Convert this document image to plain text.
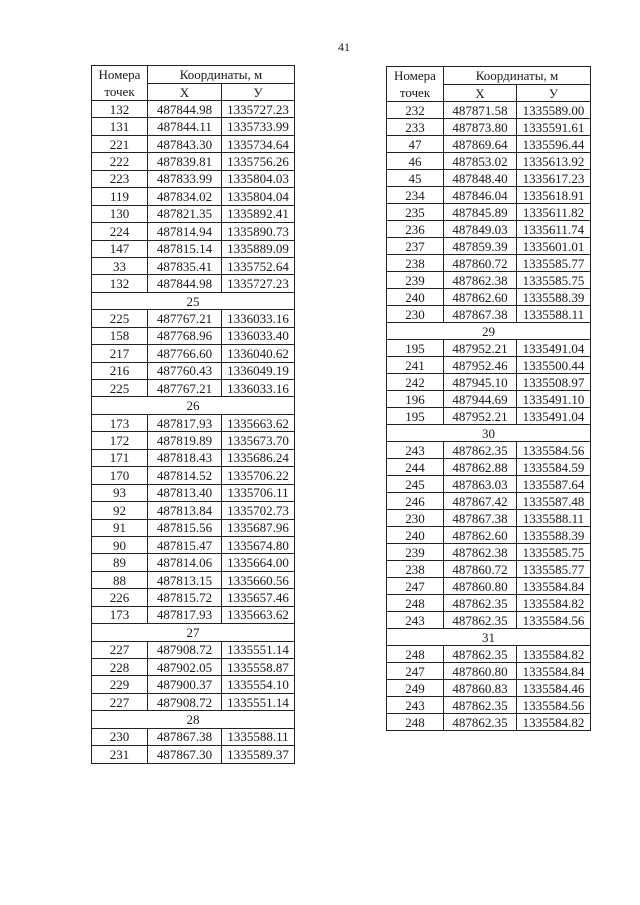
41
Номера
точек	Координаты, м	
	Х	У
132	487844.98	1335727.23
131	487844.11	1335733.99
221	487843.30	1335734.64
222	487839.81	1335756.26
223	487833.99	1335804.03
119	487834.02	1335804.04
130	487821.35	1335892.41
224	487814.94	1335890.73
147	487815.14	1335889.09
33	487835.41	1335752.64
132	487844.98	1335727.23
25		
225	487767.21	1336033.16
158	487768.96	1336033.40
217	487766.60	1336040.62
216	487760.43	1336049.19
225	487767.21	1336033.16
26		
173	487817.93	1335663.62
172	487819.89	1335673.70
171	487818.43	1335686.24
170	487814.52	1335706.22
93	487813.40	1335706.11
92	487813.84	1335702.73
91	487815.56	1335687.96
90	487815.47	1335674.80
89	487814.06	1335664.00
88	487813.15	1335660.56
226	487815.72	1335657.46
173	487817.93	1335663.62
27		
227	487908.72	1335551.14
228	487902.05	1335558.87
229	487900.37	1335554.10
227	487908.72	1335551.14
28		
230	487867.38	1335588.11
231	487867.30	1335589.37
Номера
точек	Координаты, м	
	Х	У
232	487871.58	1335589.00
233	487873.80	1335591.61
47	487869.64	1335596.44
46	487853.02	1335613.92
45	487848.40	1335617.23
234	487846.04	1335618.91
235	487845.89	1335611.82
236	487849.03	1335611.74
237	487859.39	1335601.01
238	487860.72	1335585.77
239	487862.38	1335585.75
240	487862.60	1335588.39
230	487867.38	1335588.11
29		
195	487952.21	1335491.04
241	487952.46	1335500.44
242	487945.10	1335508.97
196	487944.69	1335491.10
195	487952.21	1335491.04
30		
243	487862.35	1335584.56
244	487862.88	1335584.59
245	487863.03	1335587.64
246	487867.42	1335587.48
230	487867.38	1335588.11
240	487862.60	1335588.39
239	487862.38	1335585.75
238	487860.72	1335585.77
247	487860.80	1335584.84
248	487862.35	1335584.82
243	487862.35	1335584.56
31		
248	487862.35	1335584.82
247	487860.80	1335584.84
249	487860.83	1335584.46
243	487862.35	1335584.56
248	487862.35	1335584.82
